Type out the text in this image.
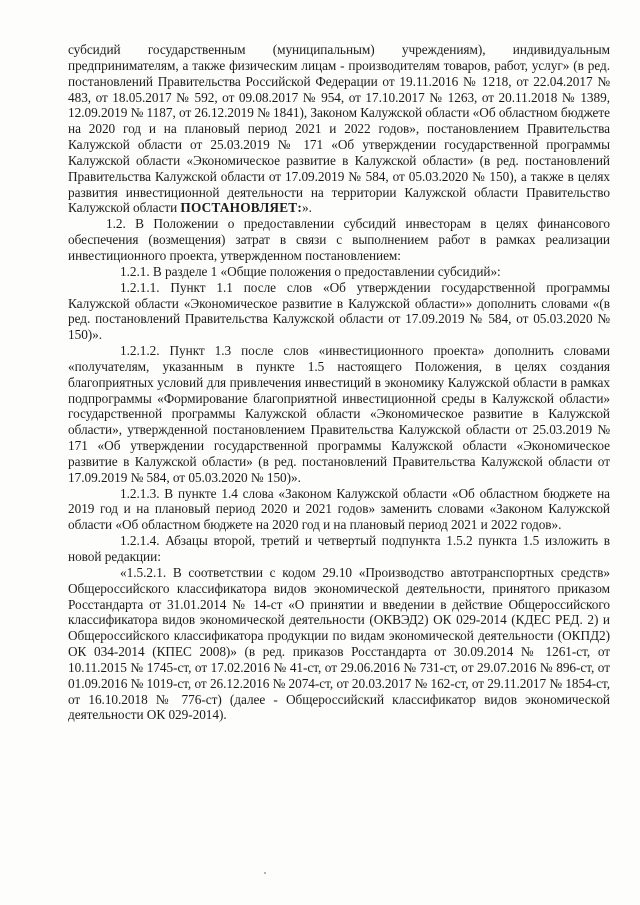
субсидий государственным (муниципальным) учреждениям), индивидуальным предпринимателям, а также физическим лицам - производителям товаров, работ, услуг» (в ред. постановлений Правительства Российской Федерации от 19.11.2016 № 1218, от 22.04.2017 № 483, от 18.05.2017 № 592, от 09.08.2017 № 954, от 17.10.2017 № 1263, от 20.11.2018 № 1389, 12.09.2019 № 1187, от 26.12.2019 № 1841), Законом Калужской области «Об областном бюджете на 2020 год и на плановый период 2021 и 2022 годов», постановлением Правительства Калужской области от 25.03.2019 № 171 «Об утверждении государственной программы Калужской области «Экономическое развитие в Калужской области» (в ред. постановлений Правительства Калужской области от 17.09.2019 № 584, от 05.03.2020 № 150), а также в целях развития инвестиционной деятельности на территории Калужской области Правительство Калужской области ПОСТАНОВЛЯЕТ:».

1.2. В Положении о предоставлении субсидий инвесторам в целях финансового обеспечения (возмещения) затрат в связи с выполнением работ в рамках реализации инвестиционного проекта, утвержденном постановлением:

1.2.1. В разделе 1 «Общие положения о предоставлении субсидий»:

1.2.1.1. Пункт 1.1 после слов «Об утверждении государственной программы Калужской области «Экономическое развитие в Калужской области»» дополнить словами «(в ред. постановлений Правительства Калужской области от 17.09.2019 № 584, от 05.03.2020 № 150)».

1.2.1.2. Пункт 1.3 после слов «инвестиционного проекта» дополнить словами «получателям, указанным в пункте 1.5 настоящего Положения, в целях создания благоприятных условий для привлечения инвестиций в экономику Калужской области в рамках подпрограммы «Формирование благоприятной инвестиционной среды в Калужской области» государственной программы Калужской области «Экономическое развитие в Калужской области», утвержденной постановлением Правительства Калужской области от 25.03.2019 № 171 «Об утверждении государственной программы Калужской области «Экономическое развитие в Калужской области» (в ред. постановлений Правительства Калужской области от 17.09.2019 № 584, от 05.03.2020 № 150)».

1.2.1.3. В пункте 1.4 слова «Законом Калужской области «Об областном бюджете на 2019 год и на плановый период 2020 и 2021 годов» заменить словами «Законом Калужской области «Об областном бюджете на 2020 год и на плановый период 2021 и 2022 годов».

1.2.1.4. Абзацы второй, третий и четвертый подпункта 1.5.2 пункта 1.5 изложить в новой редакции:

«1.5.2.1. В соответствии с кодом 29.10 «Производство автотранспортных средств» Общероссийского классификатора видов экономической деятельности, принятого приказом Росстандарта от 31.01.2014 № 14-ст «О принятии и введении в действие Общероссийского классификатора видов экономической деятельности (ОКВЭД2) ОК 029-2014 (КДЕС РЕД. 2) и Общероссийского классификатора продукции по видам экономической деятельности (ОКПД2) ОК 034-2014 (КПЕС 2008)» (в ред. приказов Росстандарта от 30.09.2014 № 1261-ст, от 10.11.2015 № 1745-ст, от 17.02.2016 № 41-ст, от 29.06.2016 № 731-ст, от 29.07.2016 № 896-ст, от 01.09.2016 № 1019-ст, от 26.12.2016 № 2074-ст, от 20.03.2017 № 162-ст, от 29.11.2017 № 1854-ст, от 16.10.2018 № 776-ст) (далее - Общероссийский классификатор видов экономической деятельности ОК 029-2014).
